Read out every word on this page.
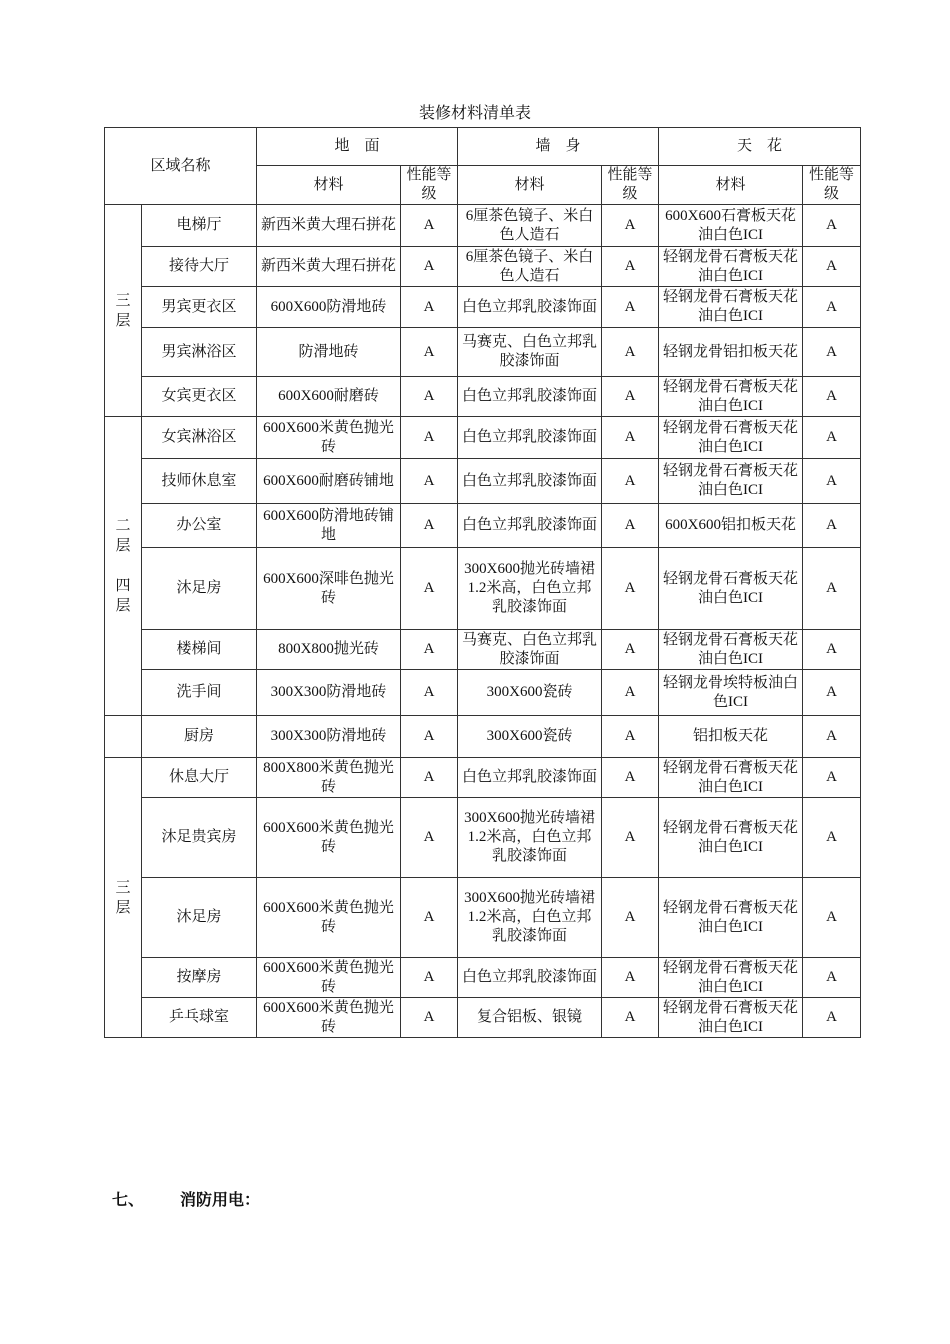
装修材料清单表
区域名称		地    面		墙    身		天    花	
		材料	性能等级	材料	性能等级	材料	性能等级

三
层	电梯厅	新西米黄大理石拼花	A	6厘茶色镜子、米白色人造石	A	600X600石膏板天花油白色ICI	A
	接待大厅	新西米黄大理石拼花	A	6厘茶色镜子、米白色人造石	A	轻钢龙骨石膏板天花油白色ICI	A
	男宾更衣区	600X600防滑地砖	A	白色立邦乳胶漆饰面	A	轻钢龙骨石膏板天花油白色ICI	A
	男宾淋浴区	防滑地砖	A	马赛克、白色立邦乳胶漆饰面	A	轻钢龙骨铝扣板天花	A
	女宾更衣区	600X600耐磨砖	A	白色立邦乳胶漆饰面	A	轻钢龙骨石膏板天花油白色ICI	A

二
层

四
层	女宾淋浴区	600X600米黄色抛光砖	A	白色立邦乳胶漆饰面	A	轻钢龙骨石膏板天花油白色ICI	A
	技师休息室	600X600耐磨砖铺地	A	白色立邦乳胶漆饰面	A	轻钢龙骨石膏板天花油白色ICI	A
	办公室	600X600防滑地砖铺地	A	白色立邦乳胶漆饰面	A	600X600铝扣板天花	A
	沐足房	600X600深啡色抛光砖	A	300X600抛光砖墙裙1.2米高，白色立邦乳胶漆饰面	A	轻钢龙骨石膏板天花油白色ICI	A
	楼梯间	800X800抛光砖	A	马赛克、白色立邦乳胶漆饰面	A	轻钢龙骨石膏板天花油白色ICI	A
	洗手间	300X300防滑地砖	A	300X600瓷砖	A	轻钢龙骨埃特板油白色ICI	A
	厨房	300X300防滑地砖	A	300X600瓷砖	A	铝扣板天花	A

三
层	休息大厅	800X800米黄色抛光砖	A	白色立邦乳胶漆饰面	A	轻钢龙骨石膏板天花油白色ICI	A
	沐足贵宾房	600X600米黄色抛光砖	A	300X600抛光砖墙裙1.2米高，白色立邦乳胶漆饰面	A	轻钢龙骨石膏板天花油白色ICI	A
	沐足房	600X600米黄色抛光砖	A	300X600抛光砖墙裙1.2米高，白色立邦乳胶漆饰面	A	轻钢龙骨石膏板天花油白色ICI	A
	按摩房	600X600米黄色抛光砖	A	白色立邦乳胶漆饰面	A	轻钢龙骨石膏板天花油白色ICI	A
	乒乓球室	600X600米黄色抛光砖	A	复合铝板、银镜	A	轻钢龙骨石膏板天花油白色ICI	A
七、 消防用电：
